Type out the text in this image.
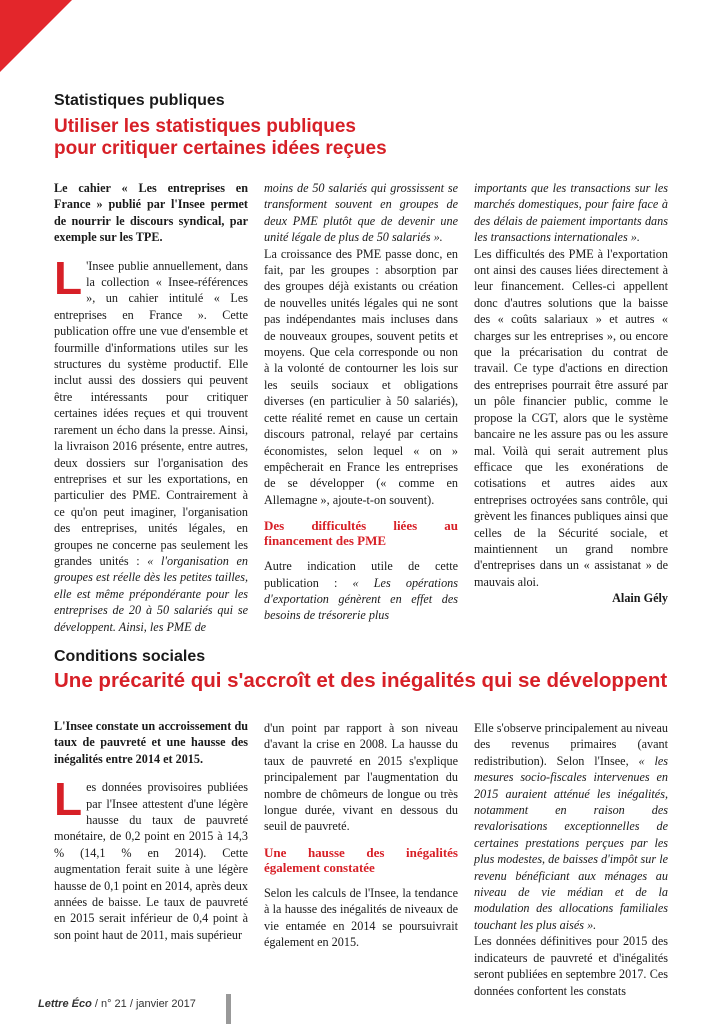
> 6
Statistiques publiques
Utiliser les statistiques publiques
pour critiquer certaines idées reçues

Le cahier « Les entreprises en France » publié par l'Insee permet de nourrir le discours syndical, par exemple sur les TPE.

L 'Insee publie annuellement, dans la collection « Insee-références », un cahier intitulé « Les entreprises en France ». Cette publication offre une vue d'ensemble et fourmille d'informations utiles sur les structures du système productif. Elle inclut aussi des dossiers qui peuvent être intéressants pour critiquer certaines idées reçues et qui trouvent rarement un écho dans la presse. Ainsi, la livraison 2016 présente, entre autres, deux dossiers sur l'organisation des entreprises et sur les exportations, en particulier des PME. Contrairement à ce qu'on peut imaginer, l'organisation des entreprises, unités légales, en groupes ne concerne pas seulement les grandes unités : « l'organisation en groupes est réelle dès les petites tailles, elle est même prépondérante pour les entreprises de 20 à 50 salariés qui se développent. Ainsi, les PME de

moins de 50 salariés qui grossissent se transforment souvent en groupes de deux PME plutôt que de devenir une unité légale de plus de 50 salariés ».

La croissance des PME passe donc, en fait, par les groupes : absorption par des groupes déjà existants ou création de nouvelles unités légales qui ne sont pas indépendantes mais incluses dans de nouveaux groupes, souvent petits et moyens. Que cela corresponde ou non à la volonté de contourner les lois sur les seuils sociaux et obligations diverses (en particulier à 50 salariés), cette réalité remet en cause un certain discours patronal, relayé par certains économistes, selon lequel « on » empêcherait en France les entreprises de se développer (« comme en Allemagne », ajoute-t-on souvent).

Des difficultés liées au financement des PME

Autre indication utile de cette publication : « Les opérations d'exportation génèrent en effet des besoins de trésorerie plus

importants que les transactions sur les marchés domestiques, pour faire face à des délais de paiement importants dans les transactions internationales ».

Les difficultés des PME à l'exportation ont ainsi des causes liées directement à leur financement. Celles-ci appellent donc d'autres solutions que la baisse des « coûts salariaux » et autres « charges sur les entreprises », ou encore que la précarisation du contrat de travail. Ce type d'actions en direction des entreprises pourrait être assuré par un pôle financier public, comme le propose la CGT, alors que le système bancaire ne les assure pas ou les assure mal. Voilà qui serait autrement plus efficace que les exonérations de cotisations et autres aides aux entreprises octroyées sans contrôle, qui grèvent les finances publiques ainsi que celles de la Sécurité sociale, et maintiennent un grand nombre d'entreprises dans un « assistanat » de mauvais aloi.

Alain Gély

Conditions sociales
Une précarité qui s'accroît et des inégalités qui se développent

L'Insee constate un accroissement du taux de pauvreté et une hausse des inégalités entre 2014 et 2015.

Les données provisoires publiées par l'Insee attestent d'une légère hausse du taux de pauvreté monétaire, de 0,2 point en 2015 à 14,3 % (14,1 % en 2014). Cette augmentation ferait suite à une légère hausse de 0,1 point en 2014, après deux années de baisse. Le taux de pauvreté en 2015 serait inférieur de 0,4 point à son point haut de 2011, mais supérieur

d'un point par rapport à son niveau d'avant la crise en 2008. La hausse du taux de pauvreté en 2015 s'explique principalement par l'augmentation du nombre de chômeurs de longue ou très longue durée, vivant en dessous du seuil de pauvreté.

Une hausse des inégalités également constatée

Selon les calculs de l'Insee, la tendance à la hausse des inégalités de niveaux de vie entamée en 2014 se poursuivrait également en 2015.

Elle s'observe principalement au niveau des revenus primaires (avant redistribution). Selon l'Insee, « les mesures socio-fiscales intervenues en 2015 auraient atténué les inégalités, notamment en raison des revalorisations exceptionnelles de certaines prestations perçues par les plus modestes, de baisses d'impôt sur le revenu bénéficiant aux ménages au niveau de vie médian et de la modulation des allocations familiales touchant les plus aisés ».

Les données définitives pour 2015 des indicateurs de pauvreté et d'inégalités seront publiées en septembre 2017. Ces données confortent les constats

Lettre Éco / n° 21 / janvier 2017
